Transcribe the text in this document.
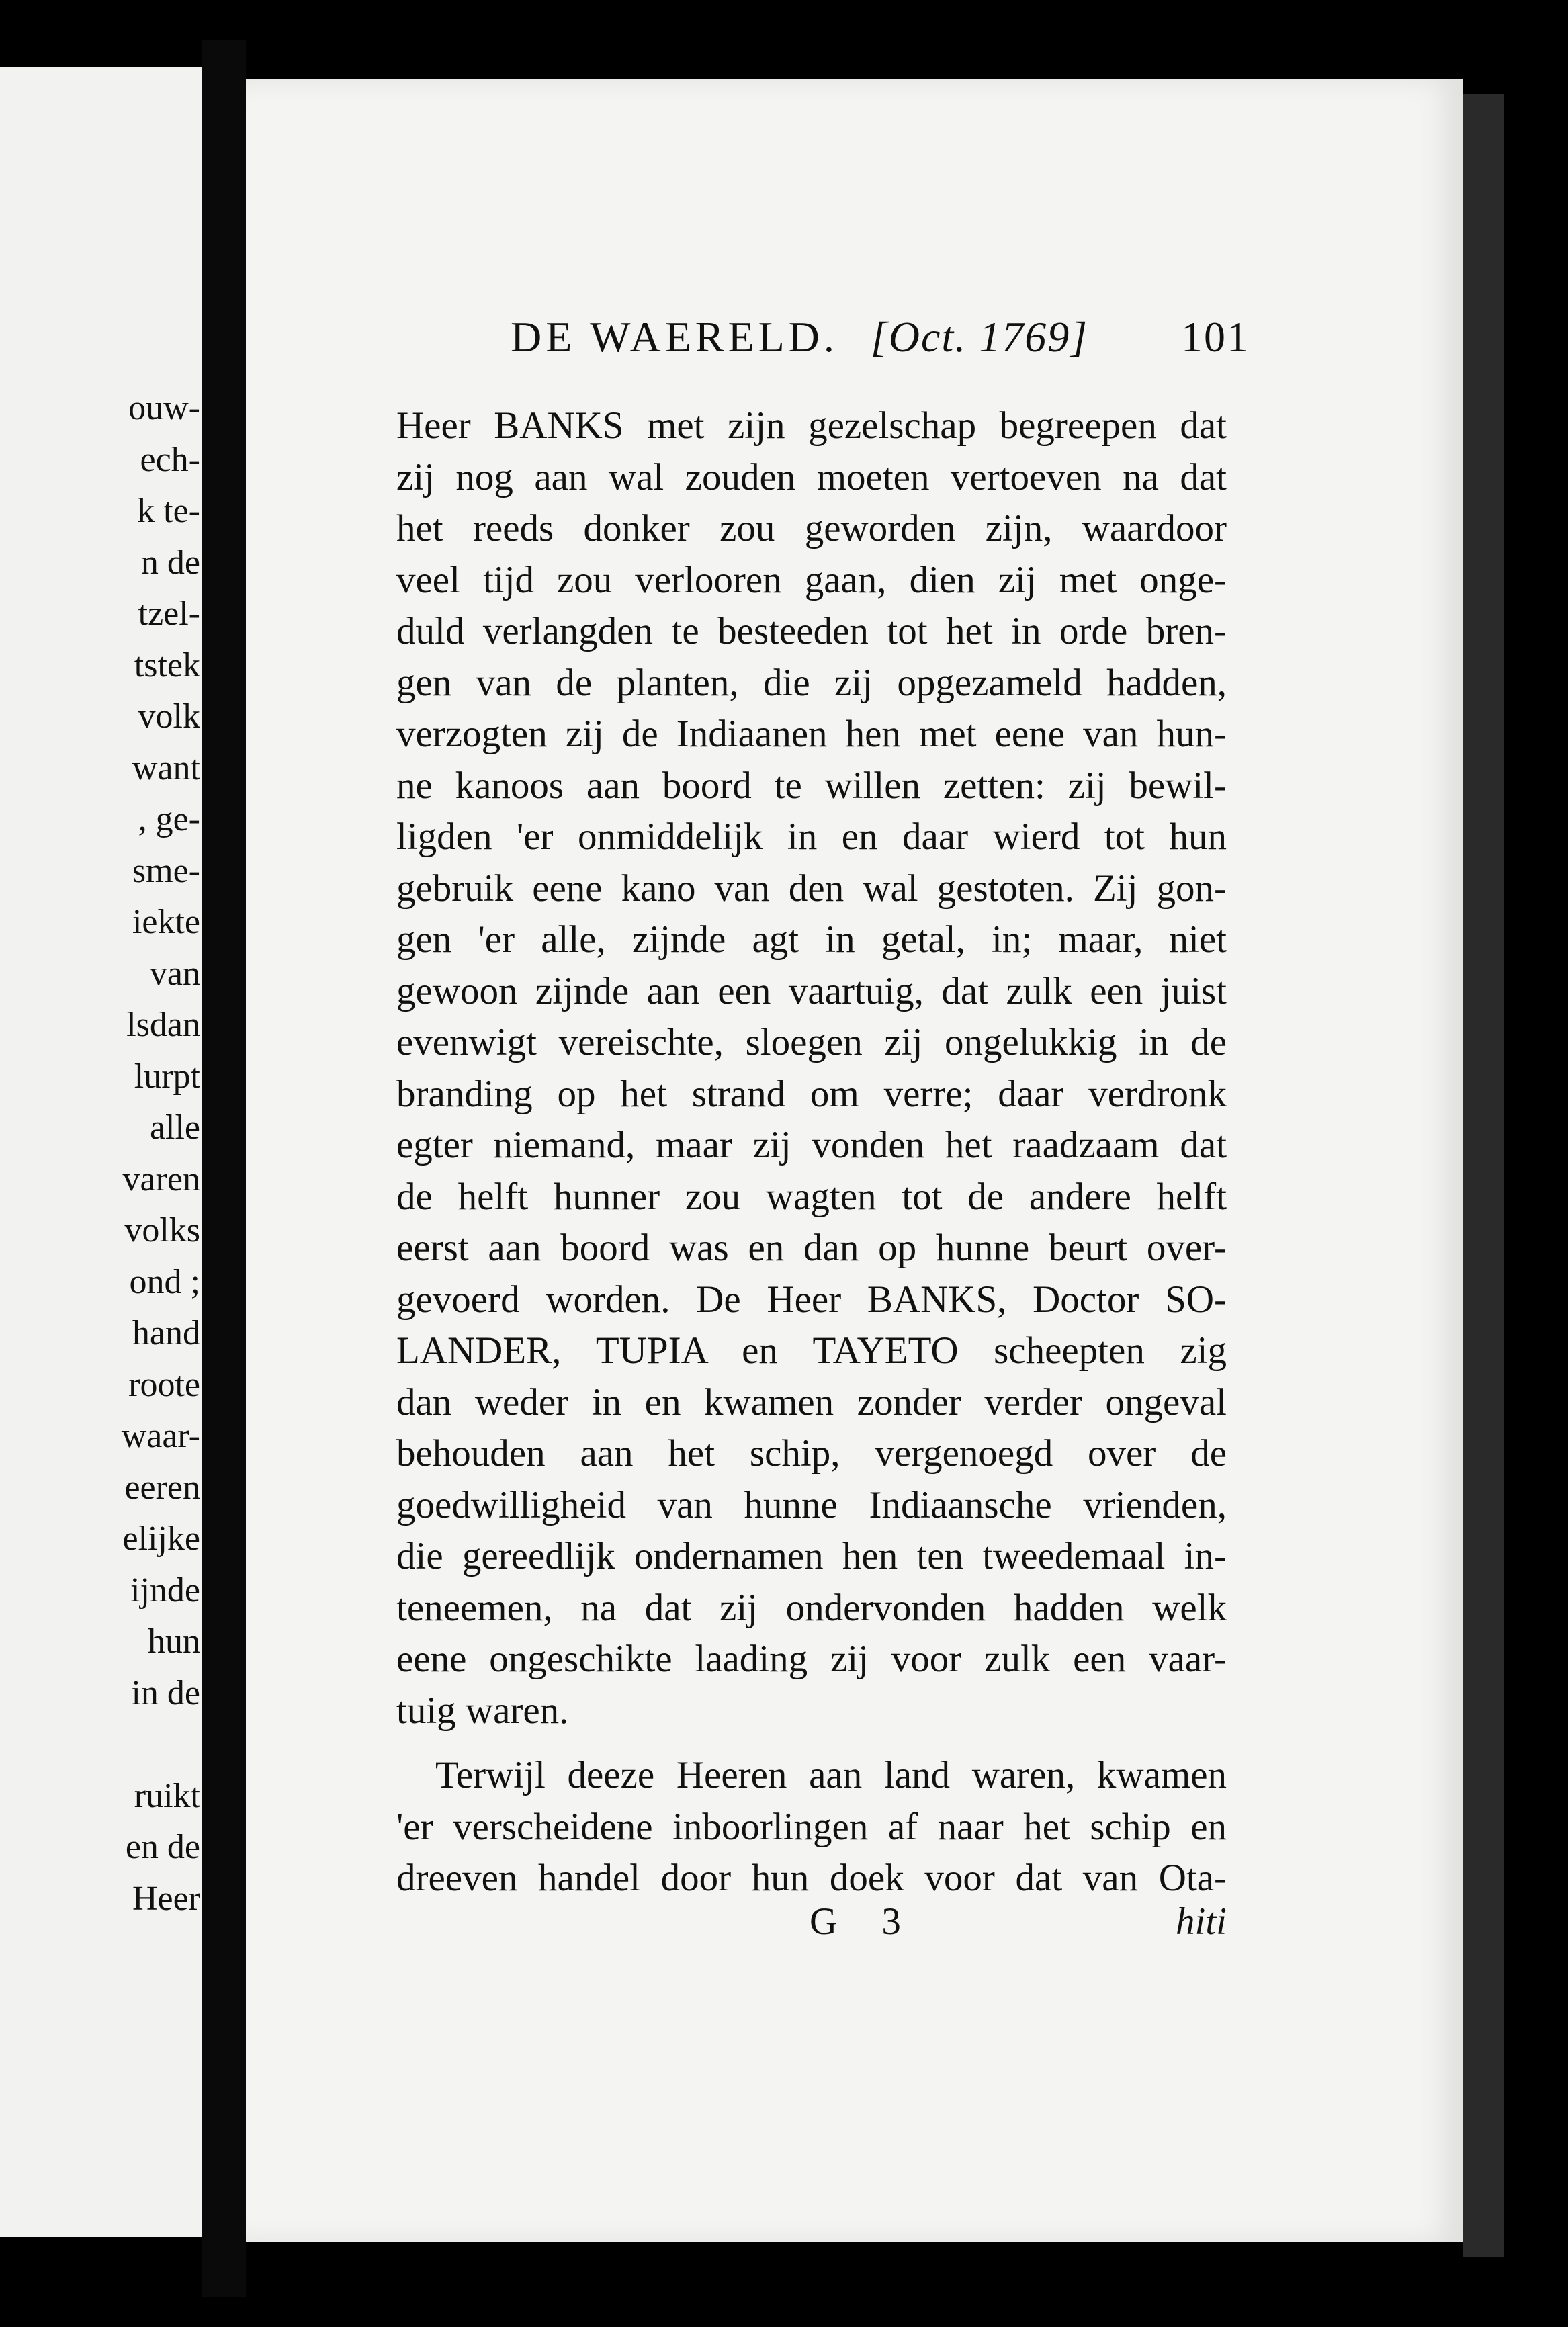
ouw-
ech-
k te-
n de
tzel-
tstek
volk
want
, ge-
smе-
iekte
van
lsdan
lurpt
alle
varen
volks
ond ;
hand
roote
waar-
eeren
elijke
ijnde
hun
in de
ruikt
en de
Heer
DE WAERELD. [Oct. 1769] 101
Heer BANKS met zijn gezelschap begreepen dat
zij nog aan wal zouden moeten vertoeven na dat
het reeds donker zou geworden zijn, waardoor
veel tijd zou verlooren gaan, dien zij met onge-
duld verlangden te besteeden tot het in orde bren-
gen van de planten, die zij opgezameld hadden,
verzogten zij de Indiaanen hen met eene van hun-
ne kanoos aan boord te willen zetten: zij bewil-
ligden 'er onmiddelijk in en daar wierd tot hun
gebruik eene kano van den wal gestoten. Zij gon-
gen 'er alle, zijnde agt in getal, in; maar, niet
gewoon zijnde aan een vaartuig, dat zulk een juist
evenwigt vereischte, sloegen zij ongelukkig in de
branding op het strand om verre; daar verdronk
egter niemand, maar zij vonden het raadzaam dat
de helft hunner zou wagten tot de andere helft
eerst aan boord was en dan op hunne beurt over-
gevoerd worden. De Heer BANKS, Doctor SO-
LANDER, TUPIA en TAYETO scheepten zig
dan weder in en kwamen zonder verder ongeval
behouden aan het schip, vergenoegd over de
goedwilligheid van hunne Indiaansche vrienden,
die gereedlijk ondernamen hen ten tweedemaal in-
teneemen, na dat zij ondervonden hadden welk
eene ongeschikte laading zij voor zulk een vaar-
tuig waren.
Terwijl deeze Heeren aan land waren, kwamen
'er verscheidene inboorlingen af naar het schip en
dreeven handel door hun doek voor dat van Ota-
G 3	hiti
